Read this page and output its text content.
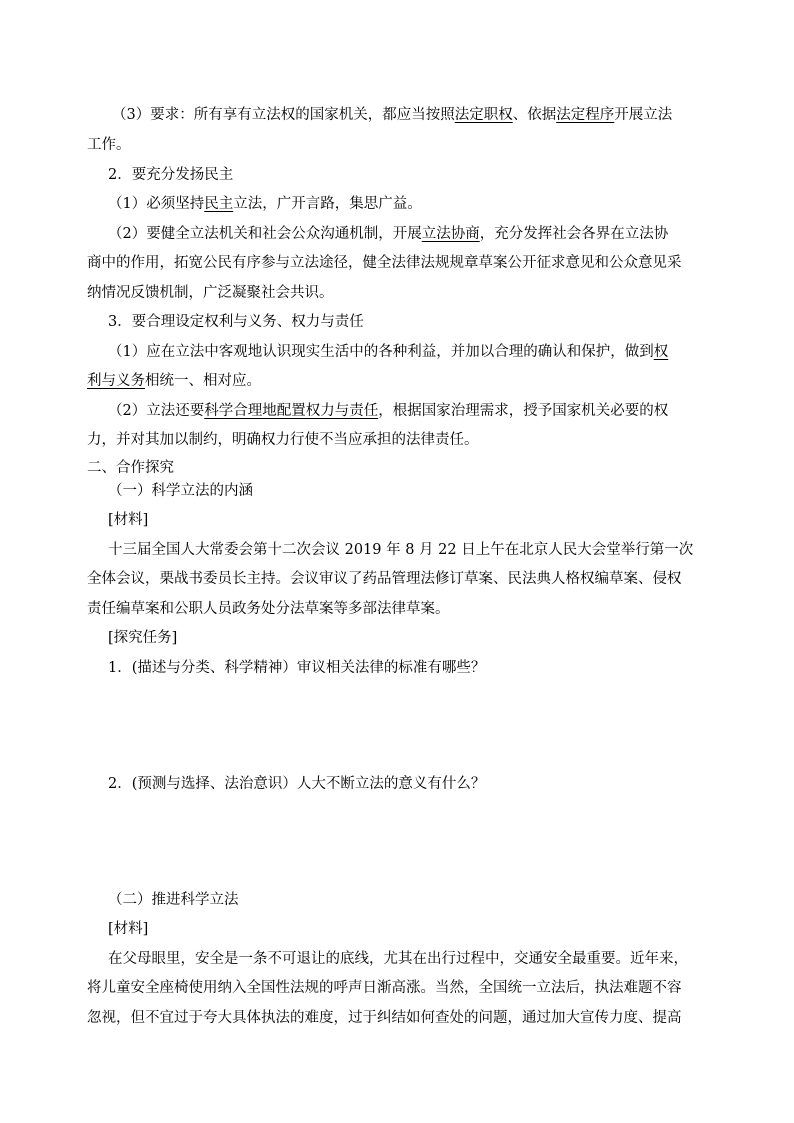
（3）要求：所有享有立法权的国家机关，都应当按照法定职权、依据法定程序开展立法
工作。
2．要充分发扬民主
（1）必须坚持民主立法，广开言路，集思广益。
（2）要健全立法机关和社会公众沟通机制，开展立法协商，充分发挥社会各界在立法协
商中的作用，拓宽公民有序参与立法途径，健全法律法规规章草案公开征求意见和公众意见采
纳情况反馈机制，广泛凝聚社会共识。
3．要合理设定权利与义务、权力与责任
（1）应在立法中客观地认识现实生活中的各种利益，并加以合理的确认和保护，做到权
利与义务相统一、相对应。
（2）立法还要科学合理地配置权力与责任，根据国家治理需求，授予国家机关必要的权
力，并对其加以制约，明确权力行使不当应承担的法律责任。
二、合作探究
（一）科学立法的内涵
[材料]
十三届全国人大常委会第十二次会议 2019 年 8 月 22 日上午在北京人民大会堂举行第一次
全体会议，栗战书委员长主持。会议审议了药品管理法修订草案、民法典人格权编草案、侵权
责任编草案和公职人员政务处分法草案等多部法律草案。
[探究任务]
1．(描述与分类、科学精神）审议相关法律的标准有哪些？
2．(预测与选择、法治意识）人大不断立法的意义有什么？
（二）推进科学立法
[材料]
在父母眼里，安全是一条不可退让的底线，尤其在出行过程中，交通安全最重要。近年来，
将儿童安全座椅使用纳入全国性法规的呼声日渐高涨。当然，全国统一立法后，执法难题不容
忽视，但不宜过于夸大具体执法的难度，过于纠结如何查处的问题，通过加大宣传力度、提高
